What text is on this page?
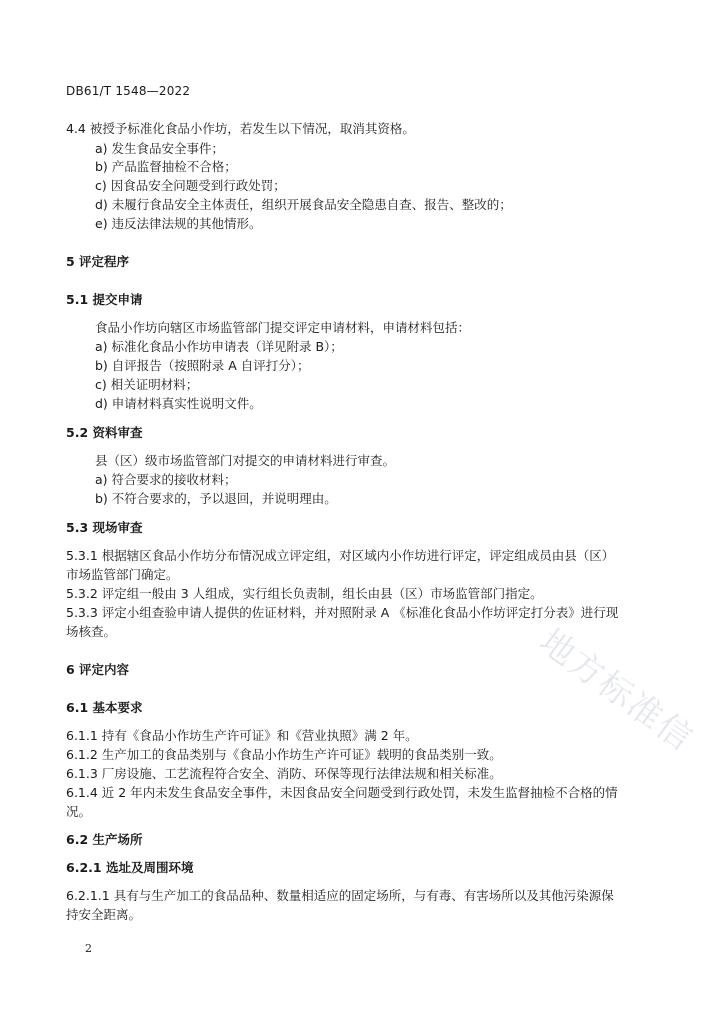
DB61/T 1548—2022
4.4 被授予标准化食品小作坊，若发生以下情况，取消其资格。
a) 发生食品安全事件；
b) 产品监督抽检不合格；
c) 因食品安全问题受到行政处罚；
d) 未履行食品安全主体责任，组织开展食品安全隐患自查、报告、整改的；
e) 违反法律法规的其他情形。
5 评定程序
5.1 提交申请
食品小作坊向辖区市场监管部门提交评定申请材料，申请材料包括：
a) 标准化食品小作坊申请表（详见附录 B）；
b) 自评报告（按照附录 A 自评打分）；
c) 相关证明材料；
d) 申请材料真实性说明文件。
5.2 资料审查
县（区）级市场监管部门对提交的申请材料进行审查。
a) 符合要求的接收材料；
b) 不符合要求的，予以退回，并说明理由。
5.3 现场审查
5.3.1 根据辖区食品小作坊分布情况成立评定组，对区域内小作坊进行评定，评定组成员由县（区）
市场监管部门确定。
5.3.2 评定组一般由 3 人组成，实行组长负责制，组长由县（区）市场监管部门指定。
5.3.3 评定小组查验申请人提供的佐证材料，并对照附录 A 《标准化食品小作坊评定打分表》进行现
场核查。
6 评定内容
6.1 基本要求
6.1.1 持有《食品小作坊生产许可证》和《营业执照》满 2 年。
6.1.2 生产加工的食品类别与《食品小作坊生产许可证》载明的食品类别一致。
6.1.3 厂房设施、工艺流程符合安全、消防、环保等现行法律法规和相关标准。
6.1.4 近 2 年内未发生食品安全事件，未因食品安全问题受到行政处罚，未发生监督抽检不合格的情
况。
6.2 生产场所
6.2.1 选址及周围环境
6.2.1.1 具有与生产加工的食品品种、数量相适应的固定场所，与有毒、有害场所以及其他污染源保
持安全距离。
地方标准信
2
